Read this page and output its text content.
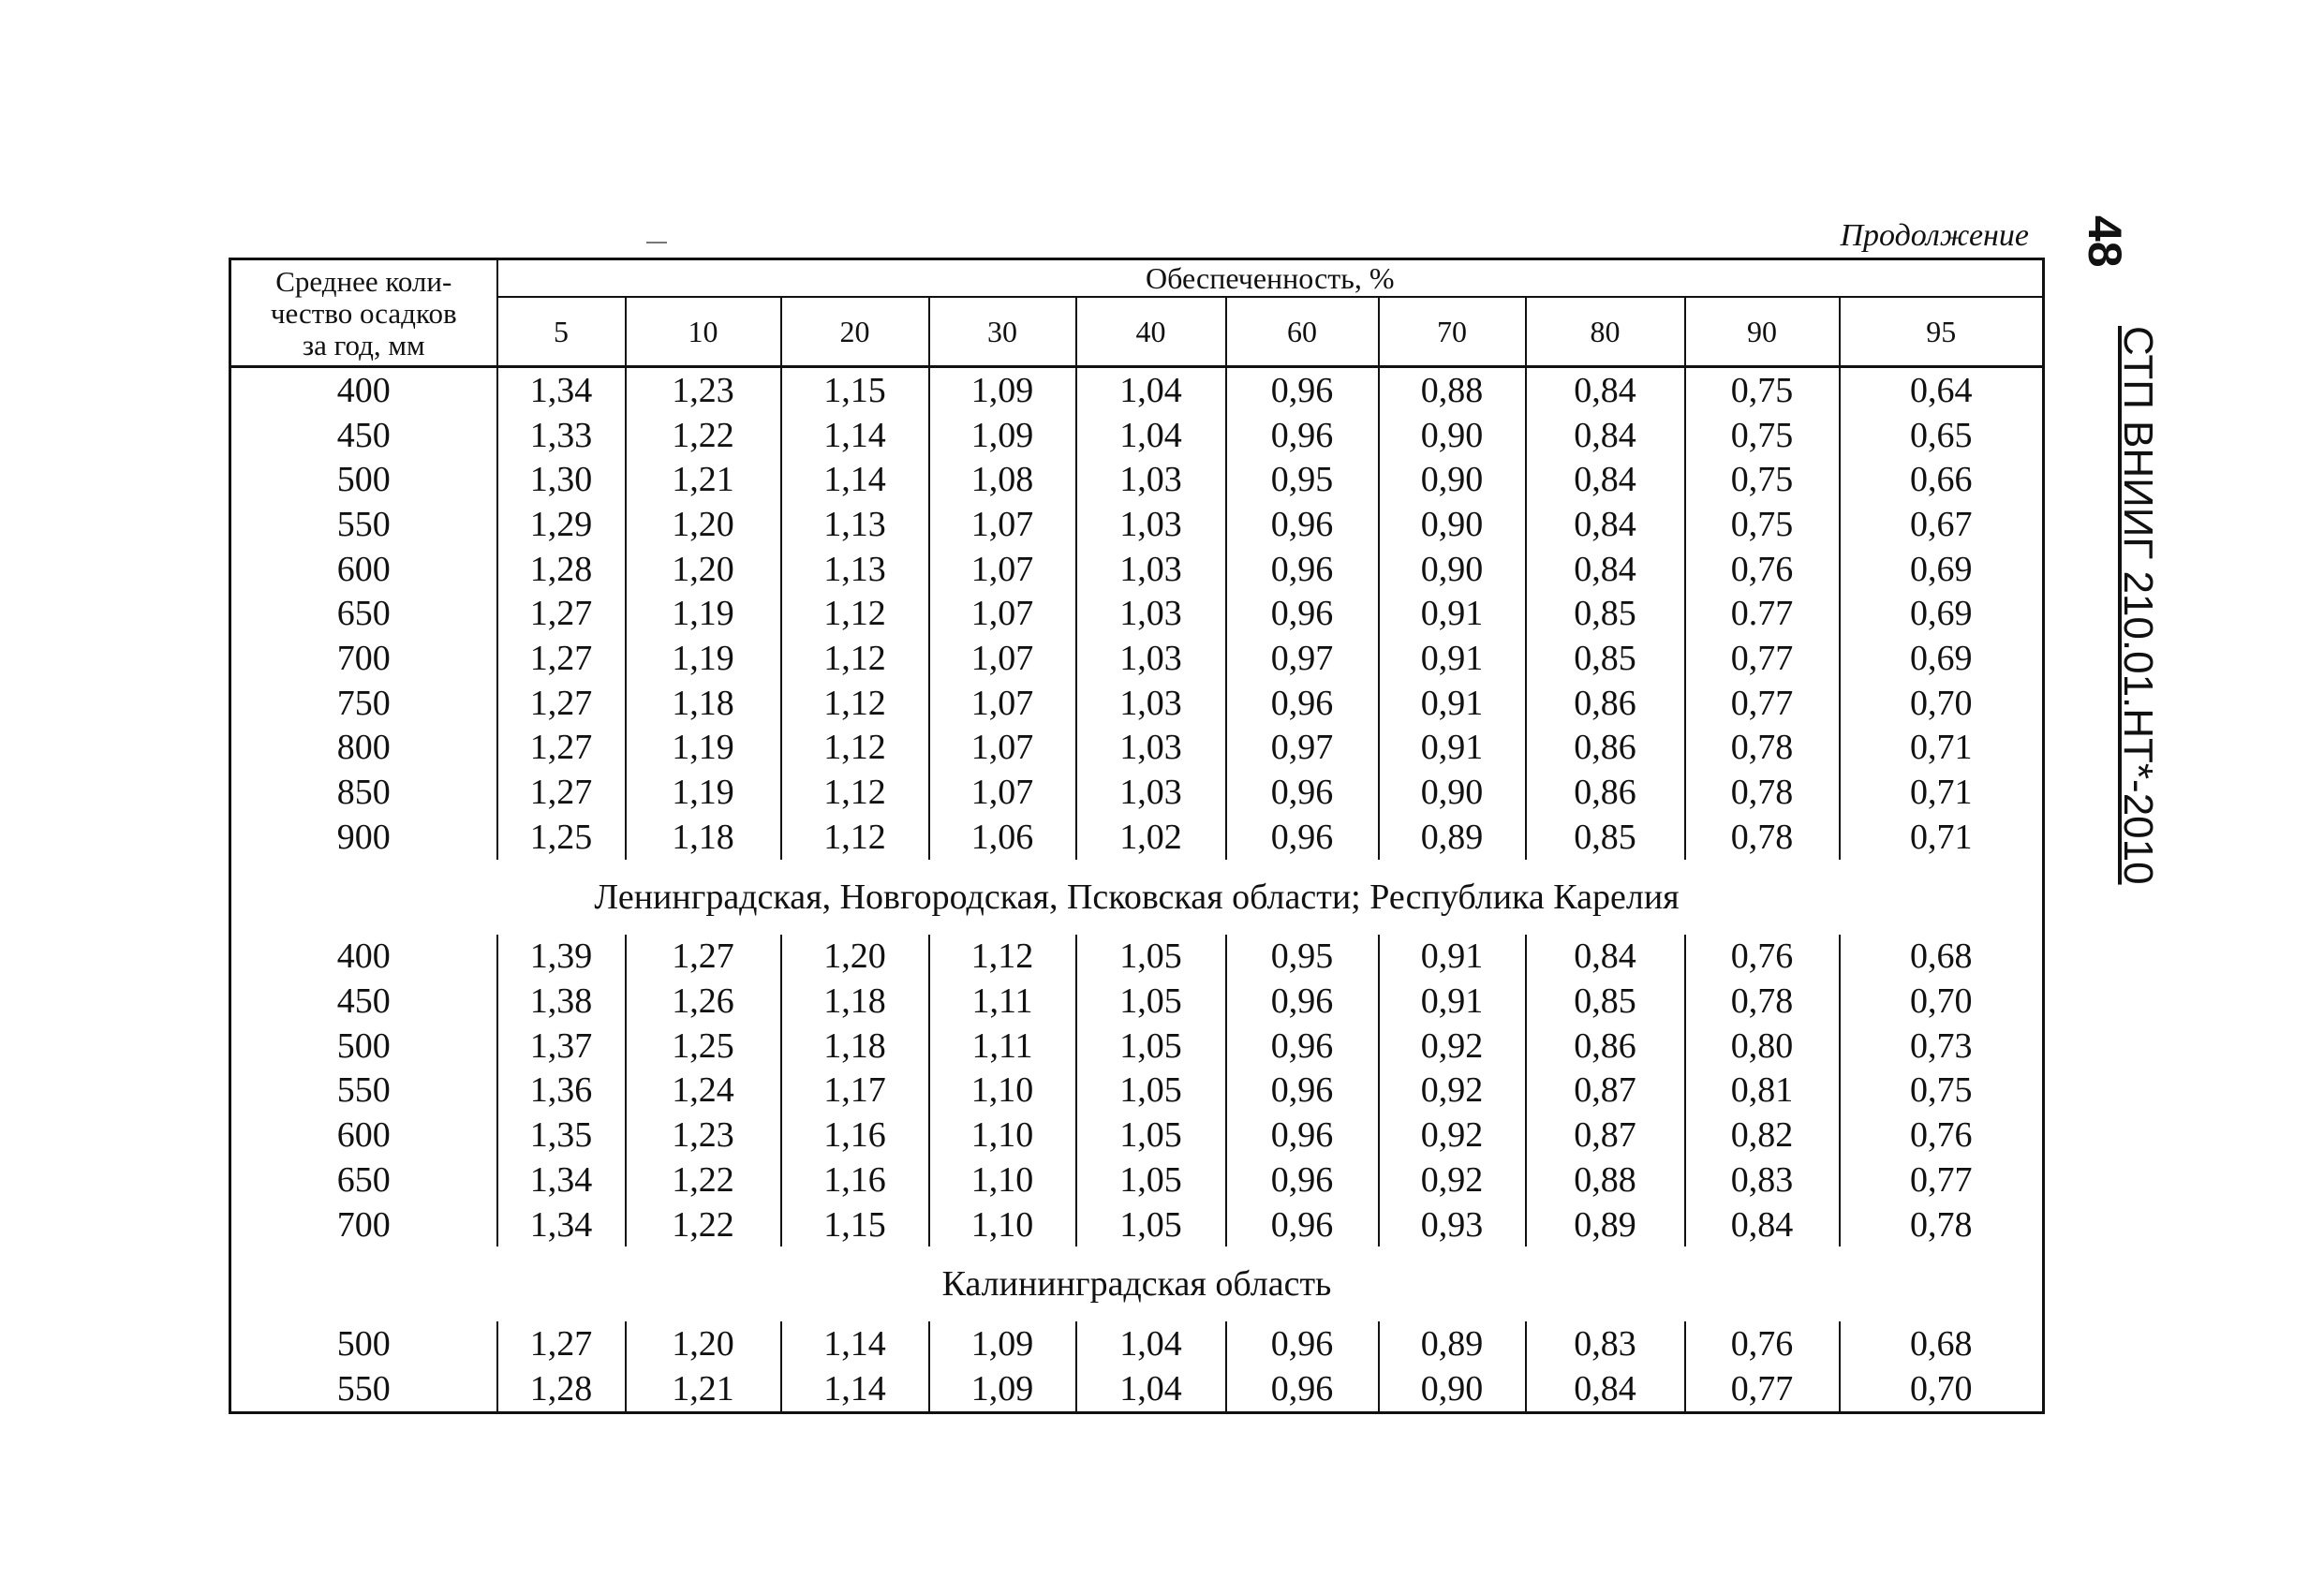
48
СТП ВНИИГ 210.01.НТ*-2010
Продолжение
Среднее коли-
чество осадков
за год, мм	Обеспеченность, %									
	5	10	20	30	40	60	70	80	90	95
400	1,34	1,23	1,15	1,09	1,04	0,96	0,88	0,84	0,75	0,64
450	1,33	1,22	1,14	1,09	1,04	0,96	0,90	0,84	0,75	0,65
500	1,30	1,21	1,14	1,08	1,03	0,95	0,90	0,84	0,75	0,66
550	1,29	1,20	1,13	1,07	1,03	0,96	0,90	0,84	0,75	0,67
600	1,28	1,20	1,13	1,07	1,03	0,96	0,90	0,84	0,76	0,69
650	1,27	1,19	1,12	1,07	1,03	0,96	0,91	0,85	0.77	0,69
700	1,27	1,19	1,12	1,07	1,03	0,97	0,91	0,85	0,77	0,69
750	1,27	1,18	1,12	1,07	1,03	0,96	0,91	0,86	0,77	0,70
800	1,27	1,19	1,12	1,07	1,03	0,97	0,91	0,86	0,78	0,71
850	1,27	1,19	1,12	1,07	1,03	0,96	0,90	0,86	0,78	0,71
900	1,25	1,18	1,12	1,06	1,02	0,96	0,89	0,85	0,78	0,71
Ленинградская, Новгородская, Псковская области; Республика Карелия										
400	1,39	1,27	1,20	1,12	1,05	0,95	0,91	0,84	0,76	0,68
450	1,38	1,26	1,18	1,11	1,05	0,96	0,91	0,85	0,78	0,70
500	1,37	1,25	1,18	1,11	1,05	0,96	0,92	0,86	0,80	0,73
550	1,36	1,24	1,17	1,10	1,05	0,96	0,92	0,87	0,81	0,75
600	1,35	1,23	1,16	1,10	1,05	0,96	0,92	0,87	0,82	0,76
650	1,34	1,22	1,16	1,10	1,05	0,96	0,92	0,88	0,83	0,77
700	1,34	1,22	1,15	1,10	1,05	0,96	0,93	0,89	0,84	0,78
Калининградская область										
500	1,27	1,20	1,14	1,09	1,04	0,96	0,89	0,83	0,76	0,68
550	1,28	1,21	1,14	1,09	1,04	0,96	0,90	0,84	0,77	0,70
